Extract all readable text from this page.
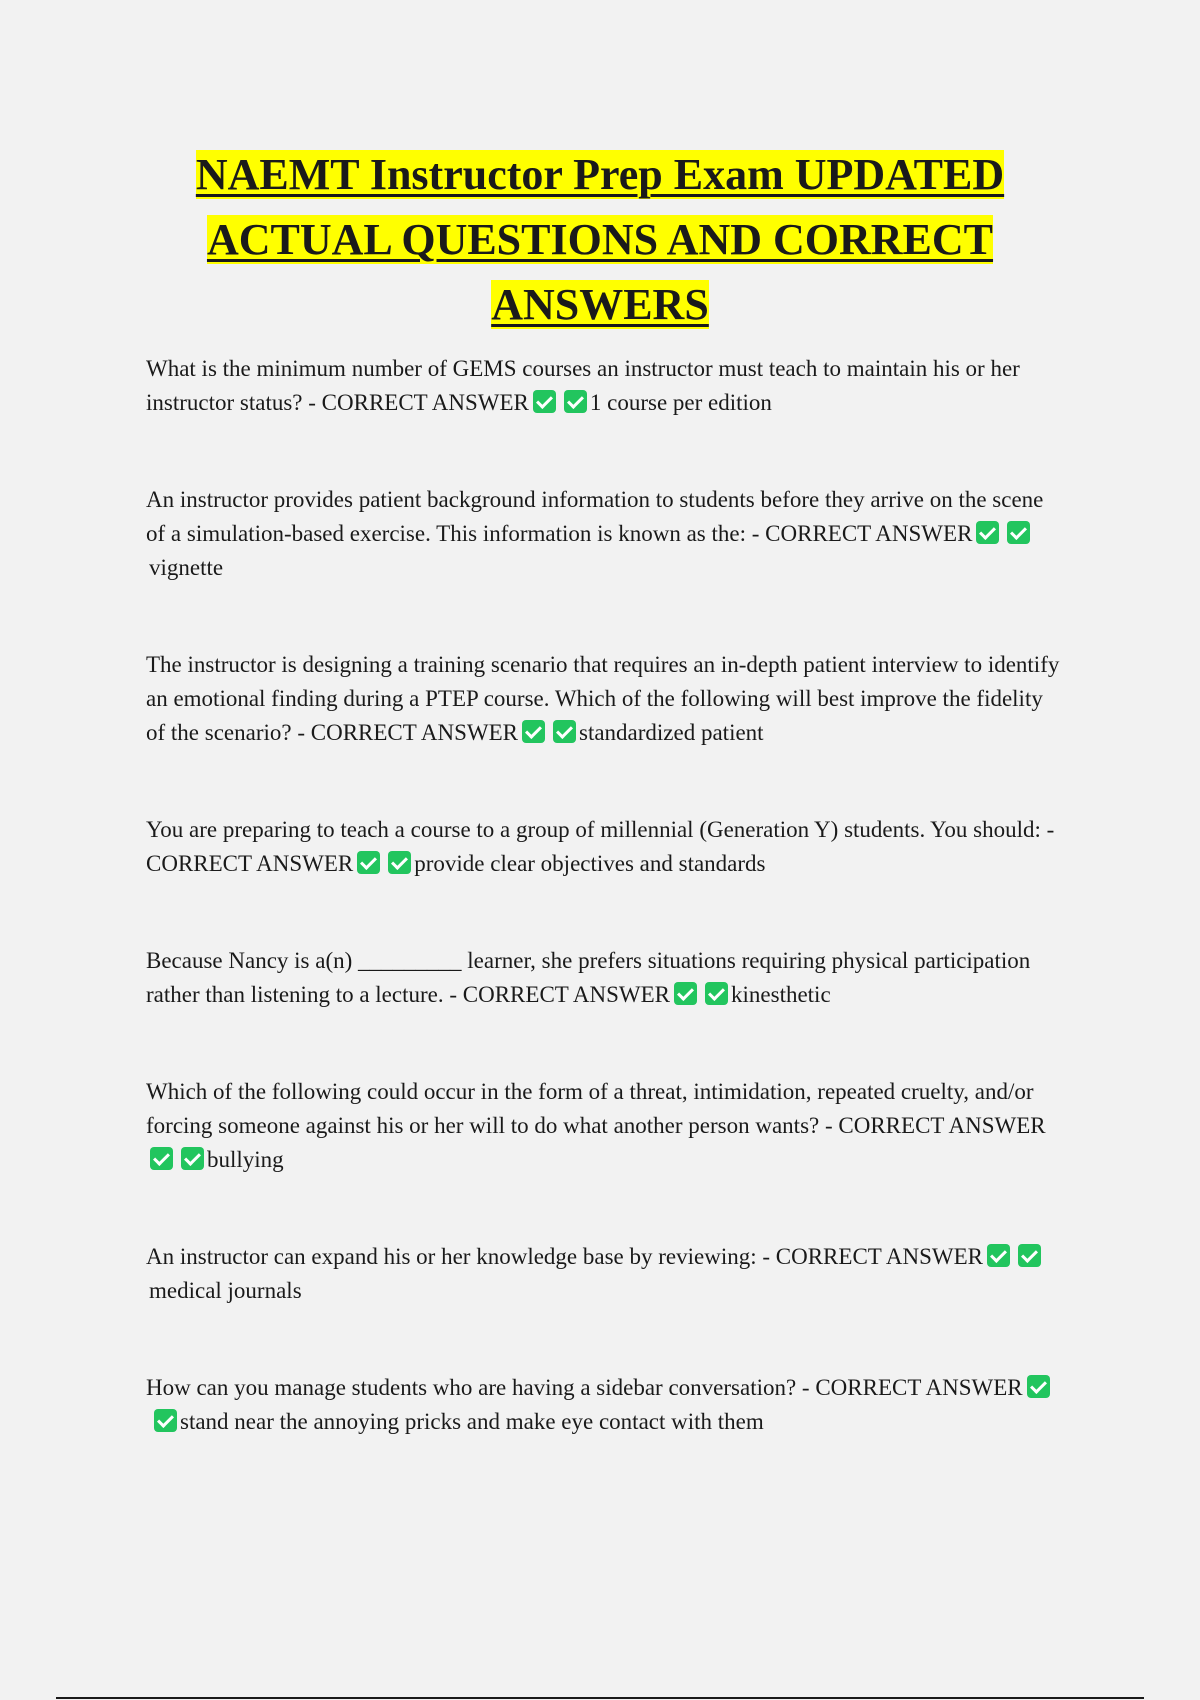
NAEMT Instructor Prep Exam UPDATED
ACTUAL QUESTIONS AND CORRECT
ANSWERS

What is the minimum number of GEMS courses an instructor must teach to maintain his or her instructor status? - CORRECT ANSWER	1 course per edition

An instructor provides patient background information to students before they arrive on the scene of a simulation-based exercise. This information is known as the: - CORRECT ANSWERvignette

The instructor is designing a training scenario that requires an in-depth patient interview to identify an emotional finding during a PTEP course. Which of the following will best improve the fidelity of the scenario? - CORRECT ANSWER	standardized patient

You are preparing to teach a course to a group of millennial (Generation Y) students. You should: - CORRECT ANSWER	provide clear objectives and standards

Because Nancy is a(n) _________ learner, she prefers situations requiring physical participation rather than listening to a lecture. - CORRECT ANSWER	kinesthetic

Which of the following could occur in the form of a threat, intimidation, repeated cruelty, and/or forcing someone against his or her will to do what another person wants? - CORRECT ANSWERbullying

An instructor can expand his or her knowledge base by reviewing: - CORRECT ANSWERmedical journals

How can you manage students who are having a sidebar conversation? - CORRECT ANSWERstand near the annoying pricks and make eye contact with them
